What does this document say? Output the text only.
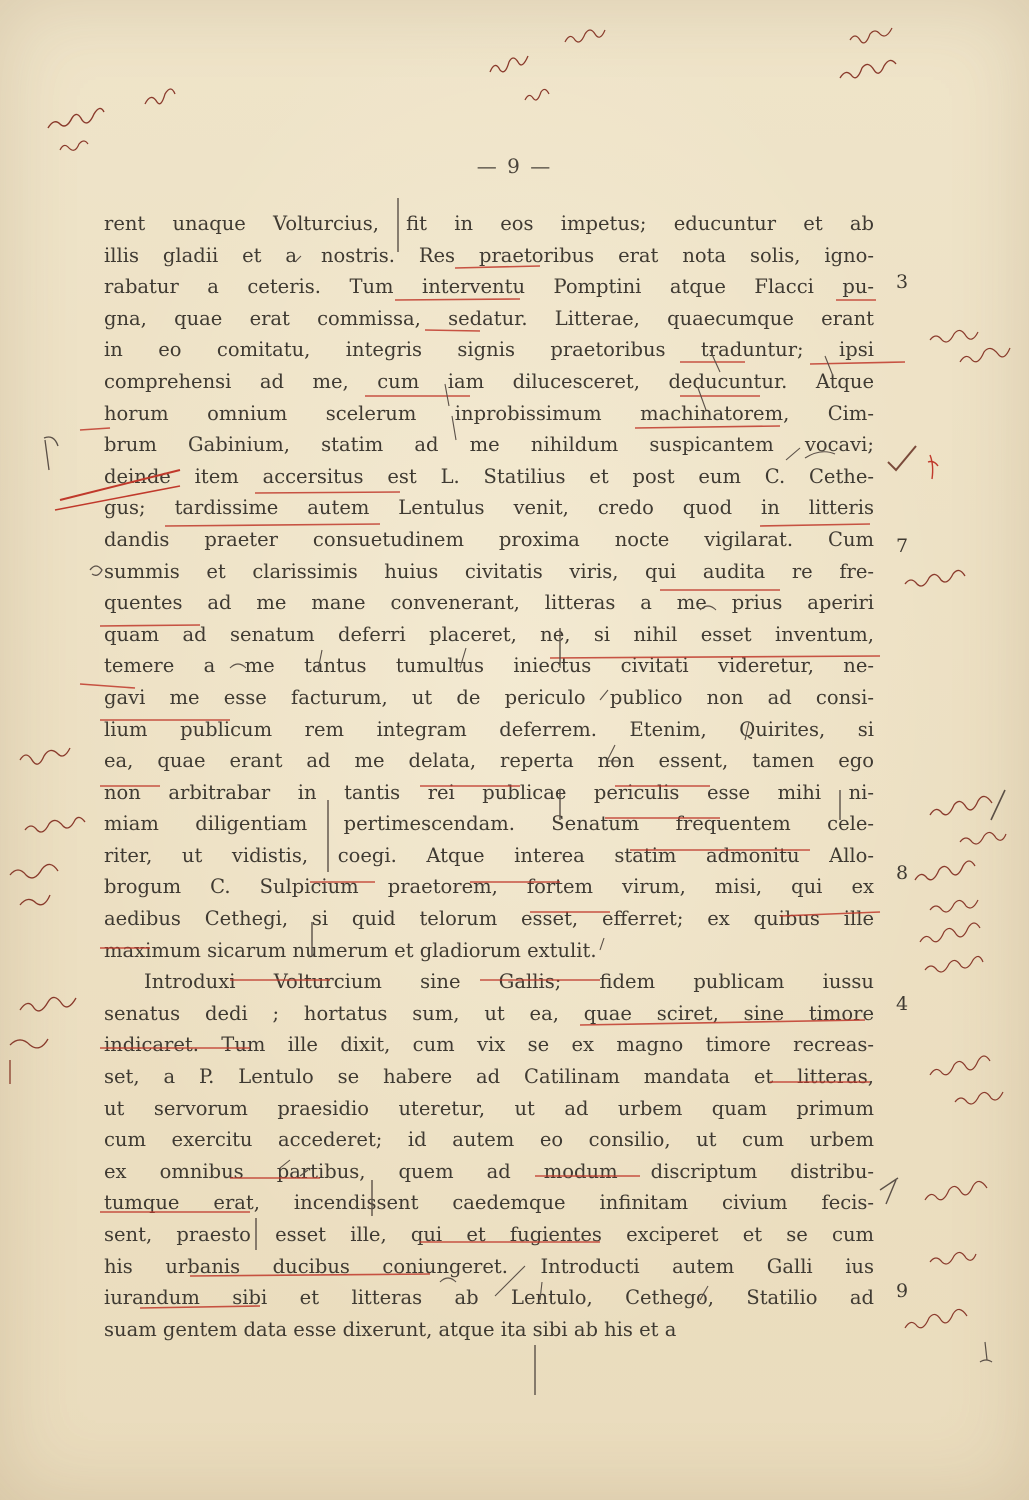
— 9 —
rent unaque Volturcius, fit in eos impetus; educuntur et ab
illis gladii et a nostris. Res praetoribus erat nota solis, igno-
rabatur a ceteris. Tum interventu Pomptini atque Flacci pu-
gna, quae erat commissa, sedatur. Litterae, quaecumque erant
in eo comitatu, integris signis praetoribus traduntur; ipsi
comprehensi ad me, cum iam dilucesceret, deducuntur. Atque
horum omnium scelerum inprobissimum machinatorem, Cim-
brum Gabinium, statim ad me nihildum suspicantem vocavi;
deinde item accersitus est L. Statilius et post eum C. Cethe-
gus; tardissime autem Lentulus venit, credo quod in litteris
dandis praeter consuetudinem proxima nocte vigilarat. Cum
summis et clarissimis huius civitatis viris, qui audita re fre-
quentes ad me mane convenerant, litteras a me prius aperiri
quam ad senatum deferri placeret, ne, si nihil esset inventum,
temere a me tantus tumultus iniectus civitati videretur, ne-
gavi me esse facturum, ut de periculo publico non ad consi-
lium publicum rem integram deferrem. Etenim, Quirites, si
ea, quae erant ad me delata, reperta non essent, tamen ego
non arbitrabar in tantis rei publicae periculis esse mihi ni-
miam diligentiam pertimescendam. Senatum frequentem cele-
riter, ut vidistis, coegi. Atque interea statim admonitu Allo-
brogum C. Sulpicium praetorem, fortem virum, misi, qui ex
aedibus Cethegi, si quid telorum esset, efferret; ex quibus ille
maximum sicarum numerum et gladiorum extulit.
Introduxi Volturcium sine Gallis; fidem publicam iussu
senatus dedi ; hortatus sum, ut ea, quae sciret, sine timore
indicaret. Tum ille dixit, cum vix se ex magno timore recreas-
set, a P. Lentulo se habere ad Catilinam mandata et litteras,
ut servorum praesidio uteretur, ut ad urbem quam primum
cum exercitu accederet; id autem eo consilio, ut cum urbem
ex omnibus partibus, quem ad modum discriptum distribu-
tumque erat, incendissent caedemque infinitam civium fecis-
sent, praesto esset ille, qui et fugientes exciperet et se cum
his urbanis ducibus coniungeret. Introducti autem Galli ius
iurandum sibi et litteras ab Lentulo, Cethego, Statilio ad
suam gentem data esse dixerunt, atque ita sibi ab his et a
3
7
8
4
9
